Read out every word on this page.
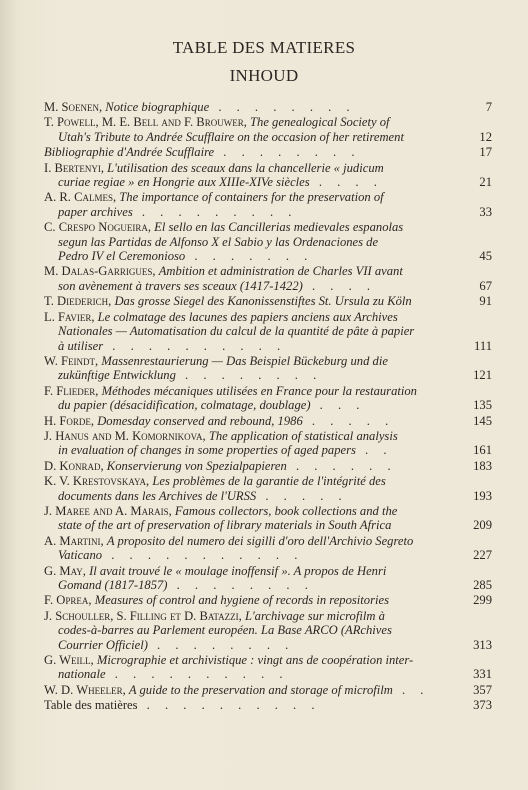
TABLE DES MATIERES
INHOUD
M. Soenen, Notice biographique . . . . . . . .	7
T. Powell, M. E. Bell and F. Brouwer, The genealogical Society of
Utah's Tribute to Andrée Scufflaire on the occasion of her retirement	12
Bibliographie d'Andrée Scufflaire . . . . . . . .	17
I. Bertenyi, L'utilisation des sceaux dans la chancellerie « judicum
curiae regiae » en Hongrie aux XIIIe-XIVe siècles . . . .	21
A. R. Calmes, The importance of containers for the preservation of
paper archives . . . . . . . . .	33
C. Crespo Nogueira, El sello en las Cancillerias medievales espanolas
segun las Partidas de Alfonso X el Sabio y las Ordenaciones de
Pedro IV el Ceremonioso . . . . . . .	45
M. Dalas-Garrigues, Ambition et administration de Charles VII avant
son avènement à travers ses sceaux (1417-1422) . . . .	67
T. Diederich, Das grosse Siegel des Kanonissenstiftes St. Ursula zu Köln	91
L. Favier, Le colmatage des lacunes des papiers anciens aux Archives
Nationales — Automatisation du calcul de la quantité de pâte à papier
à utiliser . . . . . . . . . .	111
W. Feindt, Massenrestaurierung — Das Beispiel Bückeburg und die
zukünftige Entwicklung . . . . . . . .	121
F. Flieder, Méthodes mécaniques utilisées en France pour la restauration
du papier (désacidification, colmatage, doublage) . . .	135
H. Forde, Domesday conserved and rebound, 1986 . . . . .	145
J. Hanus and M. Komornikova, The application of statistical analysis
in evaluation of changes in some properties of aged papers . .	161
D. Konrad, Konservierung von Spezialpapieren . . . . . .	183
K. V. Krestovskaya, Les problèmes de la garantie de l'intégrité des
documents dans les Archives de l'URSS . . . . .	193
J. Maree and A. Marais, Famous collectors, book collections and the
state of the art of preservation of library materials in South Africa	209
A. Martini, A proposito del numero dei sigilli d'oro dell'Archivio Segreto
Vaticano . . . . . . . . . . .	227
G. May, Il avait trouvé le « moulage inoffensif ». A propos de Henri
Gomand (1817-1857) . . . . . . . .	285
F. Oprea, Measures of control and hygiene of records in repositories	299
J. Schouller, S. Filling et D. Batazzi, L'archivage sur microfilm à
codes-à-barres au Parlement européen. La Base ARCO (ARchives
Courrier Officiel) . . . . . . . .	313
G. Weill, Micrographie et archivistique : vingt ans de coopération inter-
nationale . . . . . . . . . .	331
W. D. Wheeler, A guide to the preservation and storage of microfilm . .	357
Table des matières . . . . . . . . . .	373
